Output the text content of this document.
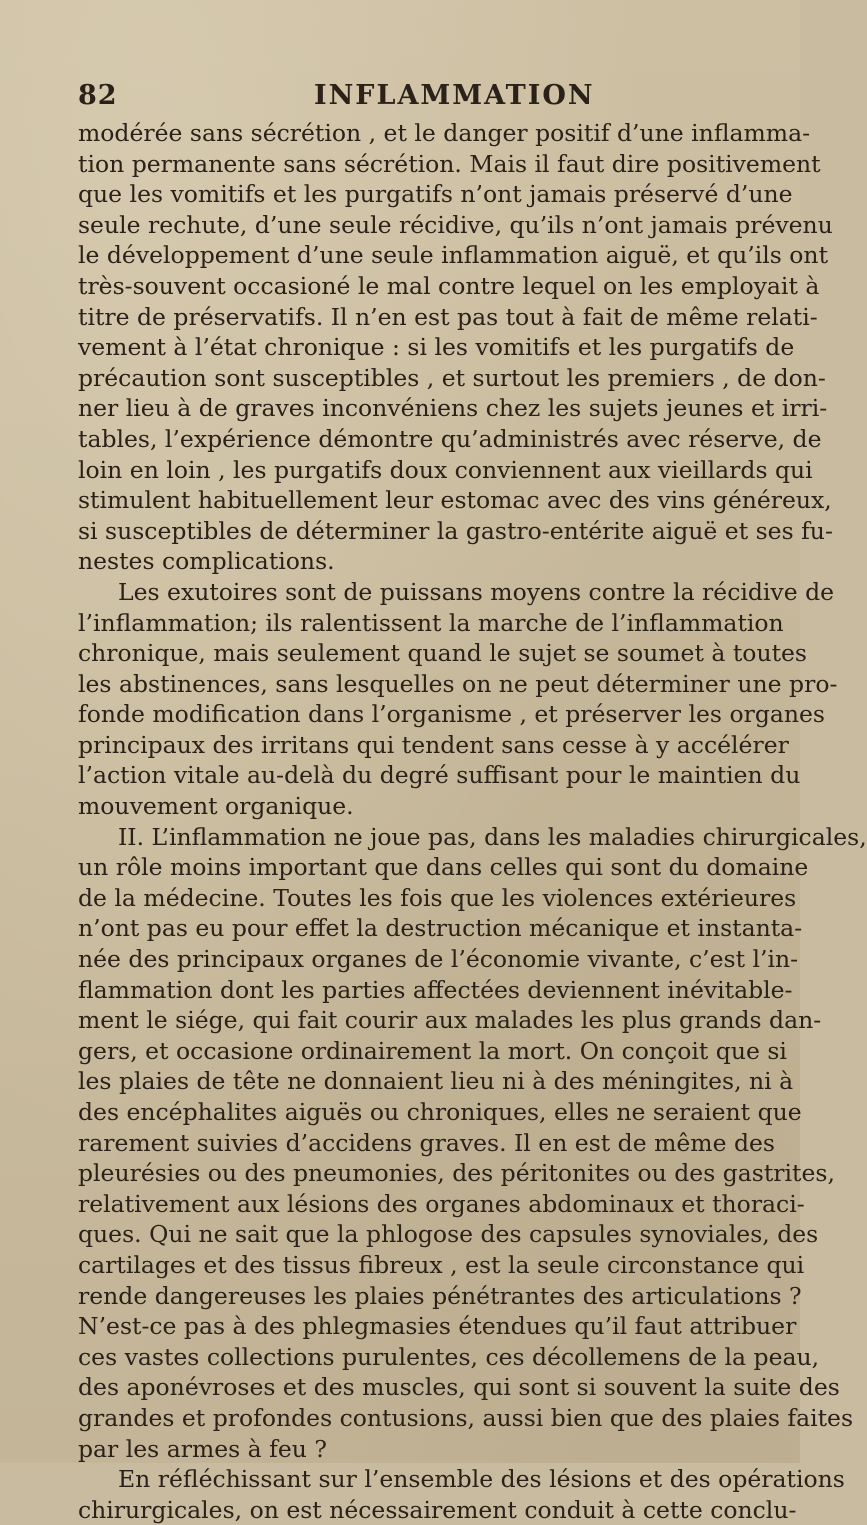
82	INFLAMMATION
modérée sans sécrétion , et le danger positif d’une inflamma-
tion permanente sans sécrétion. Mais il faut dire positivement
que les vomitifs et les purgatifs n’ont jamais préservé d’une
seule rechute, d’une seule récidive, qu’ils n’ont jamais prévenu
le développement d’une seule inflammation aiguë, et qu’ils ont
très-souvent occasioné le mal contre lequel on les employait à
titre de préservatifs. Il n’en est pas tout à fait de même relati-
vement à l’état chronique : si les vomitifs et les purgatifs de
précaution sont susceptibles , et surtout les premiers , de don-
ner lieu à de graves inconvéniens chez les sujets jeunes et irri-
tables, l’expérience démontre qu’administrés avec réserve, de
loin en loin , les purgatifs doux conviennent aux vieillards qui
stimulent habituellement leur estomac avec des vins généreux,
si susceptibles de déterminer la gastro-entérite aiguë et ses fu-
nestes complications.
Les exutoires sont de puissans moyens contre la récidive de
l’inflammation; ils ralentissent la marche de l’inflammation
chronique, mais seulement quand le sujet se soumet à toutes
les abstinences, sans lesquelles on ne peut déterminer une pro-
fonde modification dans l’organisme , et préserver les organes
principaux des irritans qui tendent sans cesse à y accélérer
l’action vitale au-delà du degré suffisant pour le maintien du
mouvement organique.
II. L’inflammation ne joue pas, dans les maladies chirurgicales,
un rôle moins important que dans celles qui sont du domaine
de la médecine. Toutes les fois que les violences extérieures
n’ont pas eu pour effet la destruction mécanique et instanta-
née des principaux organes de l’économie vivante, c’est l’in-
flammation dont les parties affectées deviennent inévitable-
ment le siége, qui fait courir aux malades les plus grands dan-
gers, et occasione ordinairement la mort. On conçoit que si
les plaies de tête ne donnaient lieu ni à des méningites, ni à
des encéphalites aiguës ou chroniques, elles ne seraient que
rarement suivies d’accidens graves. Il en est de même des
pleurésies ou des pneumonies, des péritonites ou des gastrites,
relativement aux lésions des organes abdominaux et thoraci-
ques. Qui ne sait que la phlogose des capsules synoviales, des
cartilages et des tissus fibreux , est la seule circonstance qui
rende dangereuses les plaies pénétrantes des articulations ?
N’est-ce pas à des phlegmasies étendues qu’il faut attribuer
ces vastes collections purulentes, ces décollemens de la peau,
des aponévroses et des muscles, qui sont si souvent la suite des
grandes et profondes contusions, aussi bien que des plaies faites
par les armes à feu ?
En réfléchissant sur l’ensemble des lésions et des opérations
chirurgicales, on est nécessairement conduit à cette conclu-
